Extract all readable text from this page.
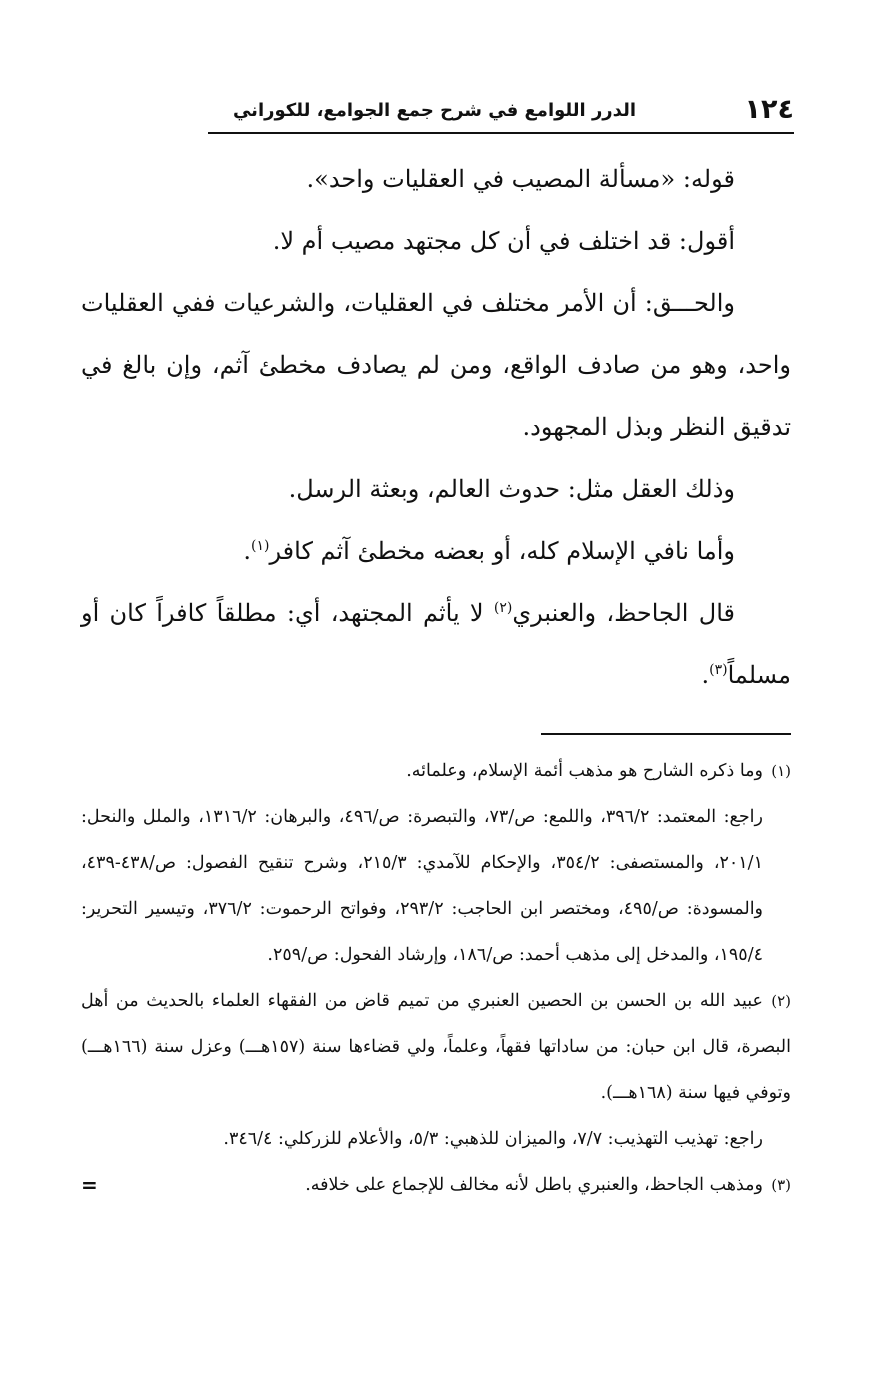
١٢٤
الدرر اللوامع في شرح جمع الجوامع، للكوراني

قوله: «مسألة المصيب في العقليات واحد».

أقول: قد اختلف في أن كل مجتهد مصيب أم لا.

والحـــق: أن الأمر مختلف في العقليات، والشرعيات ففي العقليات واحد، وهو من صادف الواقع، ومن لم يصادف مخطئ آثم، وإن بالغ في تدقيق النظر وبذل المجهود.

وذلك العقل مثل: حدوث العالم، وبعثة الرسل.

وأما نافي الإسلام كله، أو بعضه مخطئ آثم كافر$^{(١)}$.

قال الجاحظ، والعنبري$^{(٢)}$ لا يأثم المجتهد، أي: مطلقاً كافراً كان أو مسلماً$^{(٣)}$.

(١)وما ذكره الشارح هو مذهب أئمة الإسلام، وعلمائه.

راجع: المعتمد: ٣٩٦/٢، واللمع: ص/٧٣، والتبصرة: ص/٤٩٦، والبرهان: ١٣١٦/٢، والملل والنحل: ٢٠١/١، والمستصفى: ٣٥٤/٢، والإحكام للآمدي: ٢١٥/٣، وشرح تنقيح الفصول: ص/٤٣٨-٤٣٩، والمسودة: ص/٤٩٥، ومختصر ابن الحاجب: ٢٩٣/٢، وفواتح الرحموت: ٣٧٦/٢، وتيسير التحرير: ١٩٥/٤، والمدخل إلى مذهب أحمد: ص/١٨٦، وإرشاد الفحول: ص/٢٥٩.

(٢)عبيد الله بن الحسن بن الحصين العنبري من تميم قاض من الفقهاء العلماء بالحديث من أهل البصرة، قال ابن حبان: من ساداتها فقهاً، وعلماً، ولي قضاءها سنة (١٥٧هـــ) وعزل سنة (١٦٦هـــ) وتوفي فيها سنة (١٦٨هـــ).

راجع: تهذيب التهذيب: ٧/٧، والميزان للذهبي: ٥/٣، والأعلام للزركلي: ٣٤٦/٤.

(٣)ومذهب الجاحظ، والعنبري باطل لأنه مخالف للإجماع على خلافه.
=
